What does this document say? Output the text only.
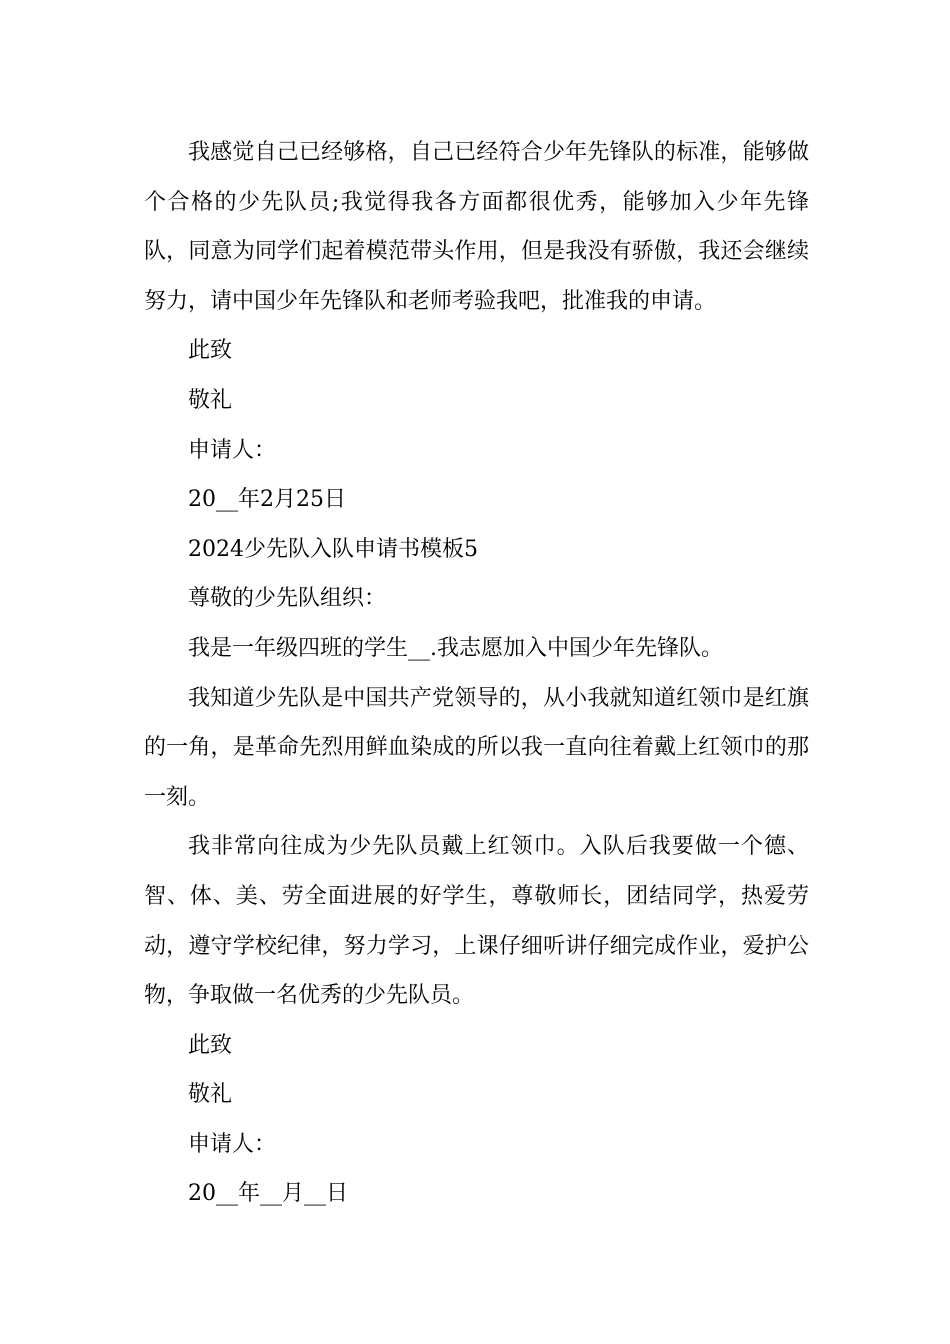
我感觉自己已经够格，自己已经符合少年先锋队的标准，能够做个合格的少先队员;我觉得我各方面都很优秀，能够加入少年先锋队，同意为同学们起着模范带头作用，但是我没有骄傲，我还会继续努力，请中国少年先锋队和老师考验我吧，批准我的申请。

此致

敬礼

申请人：

20__年2月25日

2024少先队入队申请书模板5

尊敬的少先队组织：

我是一年级四班的学生__.我志愿加入中国少年先锋队。

我知道少先队是中国共产党领导的，从小我就知道红领巾是红旗的一角，是革命先烈用鲜血染成的所以我一直向往着戴上红领巾的那一刻。

我非常向往成为少先队员戴上红领巾。入队后我要做一个德、智、体、美、劳全面进展的好学生，尊敬师长，团结同学，热爱劳动，遵守学校纪律，努力学习，上课仔细听讲仔细完成作业，爱护公物，争取做一名优秀的少先队员。

此致

敬礼

申请人：

20__年__月__日
